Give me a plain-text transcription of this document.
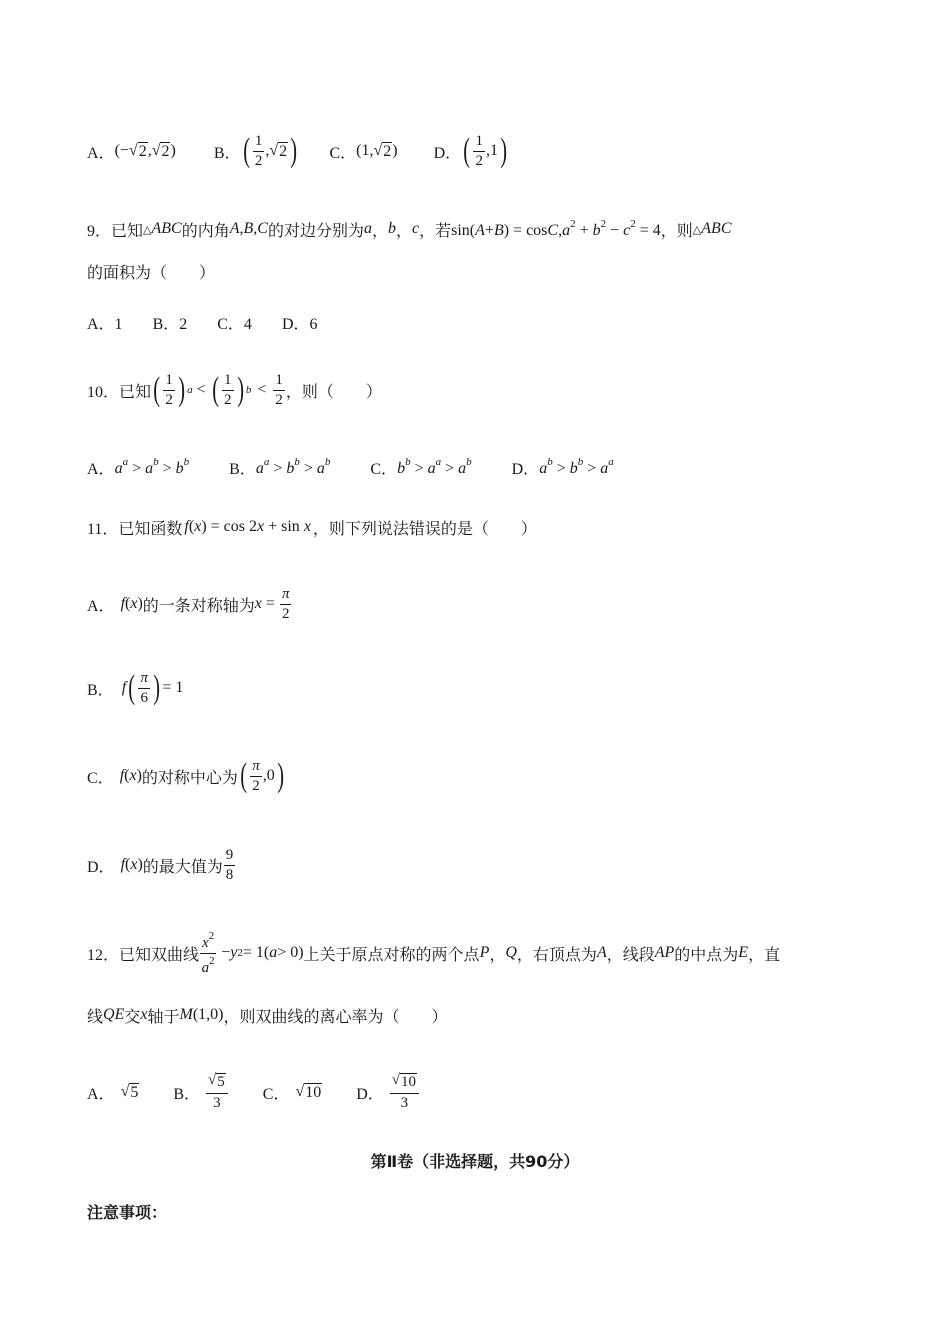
A． (− √ 2 , √ 2 ) B． ( $\frac{1}{2}$ , √ 2 ) C． (1, √ 2 ) D． ( $\frac{1}{2} ,1$ )
9．已知 △ABC 的内角 A , B , C 的对边分别为 a ， b ， c ，若 $\sin(A+B) = \cos C,a^2 + b^2 - c^2 = 4$ ，则 △ABC
的面积为（　　）
A．1 B．2 C．4 D．6
10．已知 ( $\frac{1}{2}$ ) a < ( $\frac{1}{2}$ ) $b < \frac{1}{2}$ ，则（　　）
A． $a^a > a^b > b^b$	B． $a^a > b^b > a^b$	C． $b^b > a^a > a^b$	D． $a^b > b^b > a^a$
11．已知函数 f(x) = cos 2x + sin x ，则下列说法错误的是（　　）
A． f(x) 的一条对称轴为 $x = \frac{\pi}{2}$
B． f ( $\frac{\pi}{6}$ ) = 1
C． f(x) 的对称中心为 ( $\frac{\pi}{2} ,0$ )
D． f(x) 的最大值为 $\frac{9}{8}$
12．已知双曲线 $\frac{x^2}{a^2} - y$ 2 = 1( a > 0) 上关于原点对称的两个点 P ， Q ，右顶点为 A ，线段 AP 的中点为 E ，直
线 QE 交 x 轴于 M(1,0) ，则双曲线的离心率为（　　）
A． √ 5 B． $\frac{√ 5}{3}$ C． √ 10 D． $\frac{√ 10}{3}$
第Ⅱ卷（非选择题，共90分）
注意事项：
